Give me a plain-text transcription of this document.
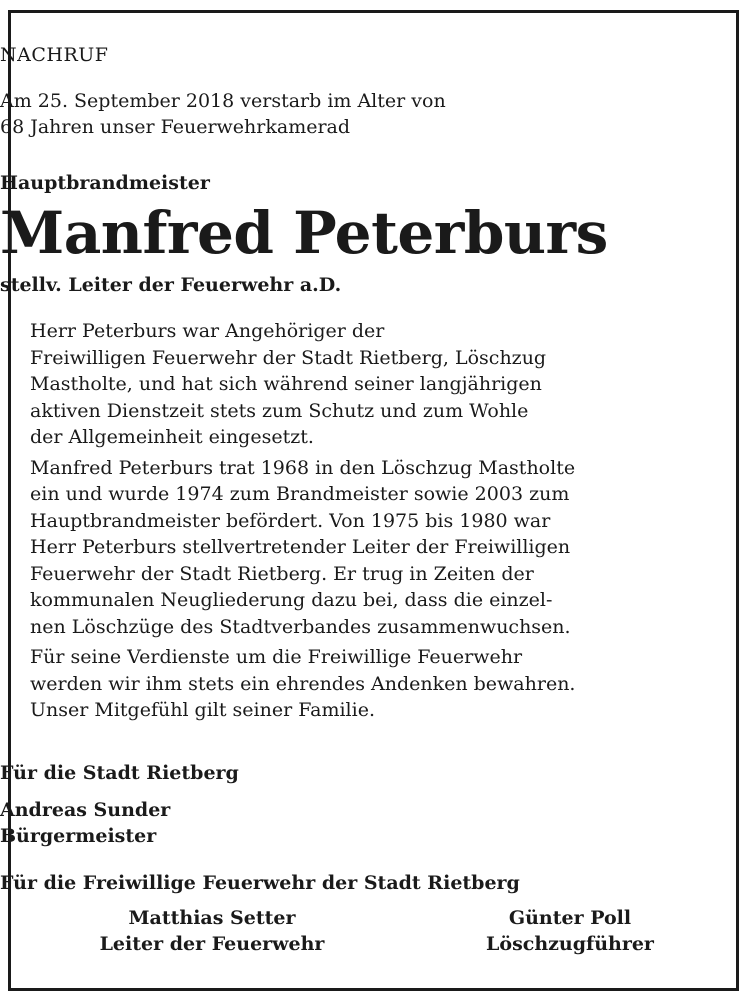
NACHRUF
Am 25. September 2018 verstarb im Alter von
68 Jahren unser Feuerwehrkamerad
Hauptbrandmeister
Manfred Peterburs
stellv. Leiter der Feuerwehr a.D.

Herr Peterburs war Angehöriger der
Freiwilligen Feuerwehr der Stadt Rietberg, Löschzug
Mastholte, und hat sich während seiner langjährigen
aktiven Dienstzeit stets zum Schutz und zum Wohle
der Allgemeinheit eingesetzt.

Manfred Peterburs trat 1968 in den Löschzug Mastholte
ein und wurde 1974 zum Brandmeister sowie 2003 zum
Hauptbrandmeister befördert. Von 1975 bis 1980 war
Herr Peterburs stellvertretender Leiter der Freiwilligen
Feuerwehr der Stadt Rietberg. Er trug in Zeiten der
kommunalen Neugliederung dazu bei, dass die einzel-
nen Löschzüge des Stadtverbandes zusammenwuchsen.

Für seine Verdienste um die Freiwillige Feuerwehr
werden wir ihm stets ein ehrendes Andenken bewahren.
Unser Mitgefühl gilt seiner Familie.

Für die Stadt Rietberg
Andreas Sunder
Bürgermeister
Für die Freiwillige Feuerwehr der Stadt Rietberg
Matthias Setter
Leiter der Feuerwehr
Günter Poll
Löschzugführer
